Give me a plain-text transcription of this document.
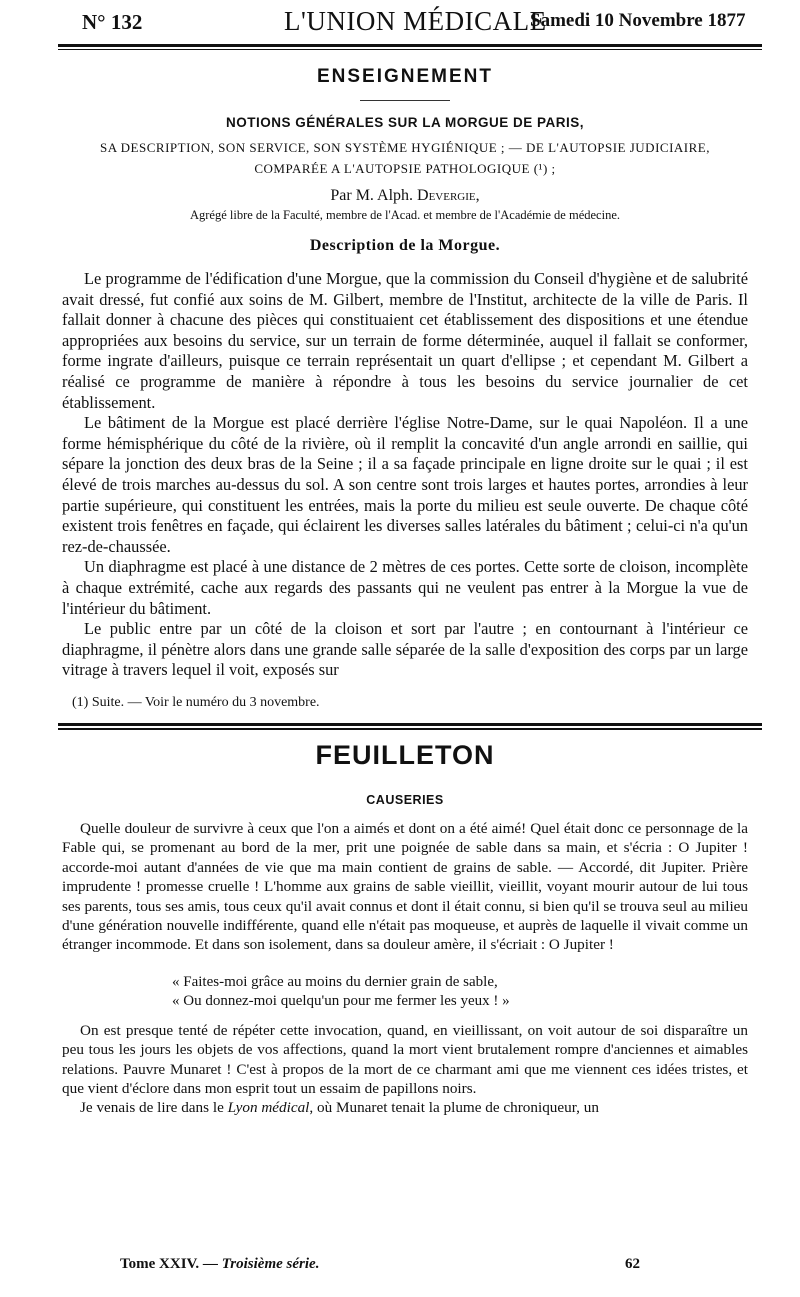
N° 132	L'UNION MÉDICALE
Samedi 10 Novembre 1877
ENSEIGNEMENT
NOTIONS GÉNÉRALES SUR LA MORGUE DE PARIS,
SA DESCRIPTION, SON SERVICE, SON SYSTÈME HYGIÉNIQUE ; — DE L'AUTOPSIE JUDICIAIRE,
COMPARÉE A L'AUTOPSIE PATHOLOGIQUE (¹) ;
Par M. Alph. Devergie,
Agrégé libre de la Faculté, membre de l'Acad. et membre de l'Académie de médecine.
Description de la Morgue.

Le programme de l'édification d'une Morgue, que la commission du Conseil d'hygiène et de salubrité avait dressé, fut confié aux soins de M. Gilbert, membre de l'Institut, architecte de la ville de Paris. Il fallait donner à chacune des pièces qui constituaient cet établissement des dispositions et une étendue appropriées aux besoins du service, sur un terrain de forme déterminée, auquel il fallait se conformer, forme ingrate d'ailleurs, puisque ce terrain représentait un quart d'ellipse ; et cependant M. Gilbert a réalisé ce programme de manière à répondre à tous les besoins du service journalier de cet établissement.

Le bâtiment de la Morgue est placé derrière l'église Notre-Dame, sur le quai Napoléon. Il a une forme hémisphérique du côté de la rivière, où il remplit la concavité d'un angle arrondi en saillie, qui sépare la jonction des deux bras de la Seine ; il a sa façade principale en ligne droite sur le quai ; il est élevé de trois marches au-dessus du sol. A son centre sont trois larges et hautes portes, arrondies à leur partie supérieure, qui constituent les entrées, mais la porte du milieu est seule ouverte. De chaque côté existent trois fenêtres en façade, qui éclairent les diverses salles latérales du bâtiment ; celui-ci n'a qu'un rez-de-chaussée.

Un diaphragme est placé à une distance de 2 mètres de ces portes. Cette sorte de cloison, incomplète à chaque extrémité, cache aux regards des passants qui ne veulent pas entrer à la Morgue la vue de l'intérieur du bâtiment.

Le public entre par un côté de la cloison et sort par l'autre ; en contournant à l'intérieur ce diaphragme, il pénètre alors dans une grande salle séparée de la salle d'exposition des corps par un large vitrage à travers lequel il voit, exposés sur

(1) Suite. — Voir le numéro du 3 novembre.
FEUILLETON
CAUSERIES

Quelle douleur de survivre à ceux que l'on a aimés et dont on a été aimé! Quel était donc ce personnage de la Fable qui, se promenant au bord de la mer, prit une poignée de sable dans sa main, et s'écria : O Jupiter ! accorde-moi autant d'années de vie que ma main contient de grains de sable. — Accordé, dit Jupiter. Prière imprudente ! promesse cruelle ! L'homme aux grains de sable vieillit, vieillit, voyant mourir autour de lui tous ses parents, tous ses amis, tous ceux qu'il avait connus et dont il était connu, si bien qu'il se trouva seul au milieu d'une génération nouvelle indifférente, quand elle n'était pas moqueuse, et auprès de laquelle il vivait comme un étranger incommode. Et dans son isolement, dans sa douleur amère, il s'écriait : O Jupiter !

« Faites-moi grâce au moins du dernier grain de sable,
« Ou donnez-moi quelqu'un pour me fermer les yeux ! »

On est presque tenté de répéter cette invocation, quand, en vieillissant, on voit autour de soi disparaître un peu tous les jours les objets de vos affections, quand la mort vient brutalement rompre d'anciennes et aimables relations. Pauvre Munaret ! C'est à propos de la mort de ce charmant ami que me viennent ces idées tristes, et que vient d'éclore dans mon esprit tout un essaim de papillons noirs.

Je venais de lire dans le Lyon médical, où Munaret tenait la plume de chroniqueur, un

Tome XXIV. — Troisième série.	62
